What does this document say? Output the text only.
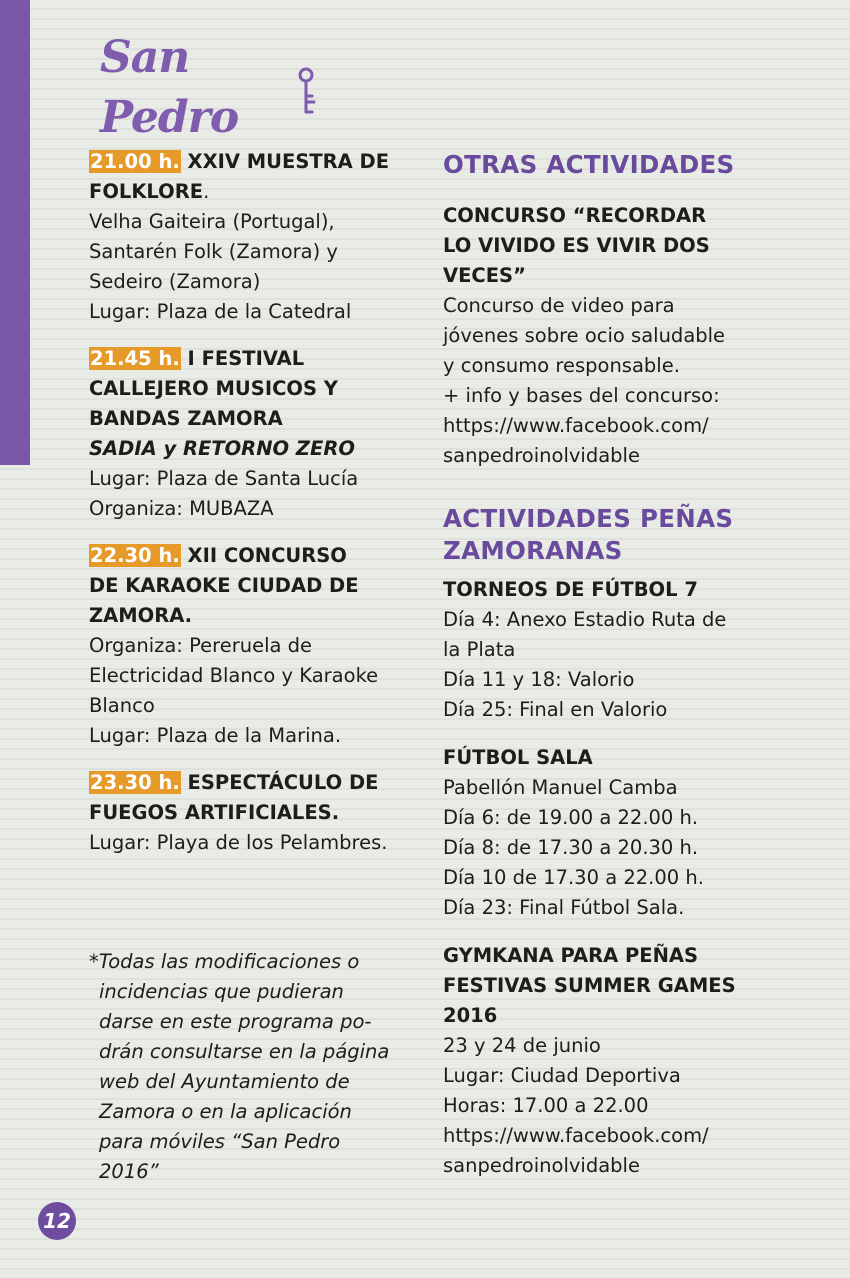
San Pedro
21.00 h. XXIV MUESTRA DE
FOLKLORE.
Velha Gaiteira (Portugal),
Santarén Folk (Zamora) y
Sedeiro (Zamora)
Lugar: Plaza de la Catedral
21.45 h. I FESTIVAL
CALLEJERO MUSICOS Y
BANDAS ZAMORA
SADIA y RETORNO ZERO
Lugar: Plaza de Santa Lucía
Organiza: MUBAZA
22.30 h. XII CONCURSO
DE KARAOKE CIUDAD DE
ZAMORA.
Organiza: Pereruela de
Electricidad Blanco y Karaoke
Blanco
Lugar: Plaza de la Marina.
23.30 h. ESPECTÁCULO DE
FUEGOS ARTIFICIALES.
Lugar: Playa de los Pelambres.
*Todas las modificaciones o
incidencias que pudieran
darse en este programa po-
drán consultarse en la página
web del Ayuntamiento de
Zamora o en la aplicación
para móviles “San Pedro
2016”
OTRAS ACTIVIDADES
CONCURSO “RECORDAR
LO VIVIDO ES VIVIR DOS
VECES”
Concurso de video para
jóvenes sobre ocio saludable
y consumo responsable.
+ info y bases del concurso:
https://www.facebook.com/
sanpedroinolvidable
ACTIVIDADES PEÑAS
ZAMORANAS
TORNEOS DE FÚTBOL 7
Día 4: Anexo Estadio Ruta de
la Plata
Día 11 y 18: Valorio
Día 25: Final en Valorio
FÚTBOL SALA
Pabellón Manuel Camba
Día 6: de 19.00 a 22.00 h.
Día 8: de 17.30 a 20.30 h.
Día 10 de 17.30 a 22.00 h.
Día 23: Final Fútbol Sala.
GYMKANA PARA PEÑAS
FESTIVAS SUMMER GAMES
2016
23 y 24 de junio
Lugar: Ciudad Deportiva
Horas: 17.00 a 22.00
https://www.facebook.com/
sanpedroinolvidable
12
